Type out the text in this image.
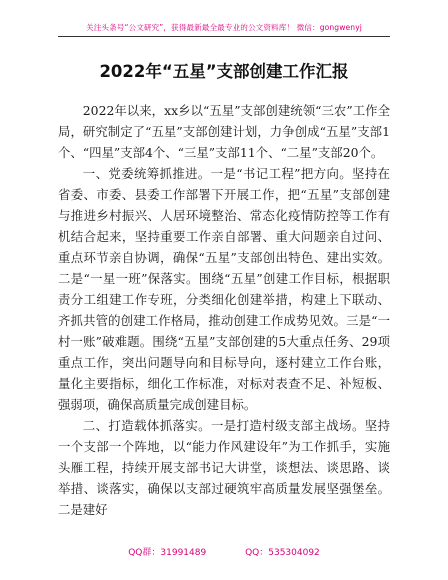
关注头条号“公文研究”，获得最新最全最专业的公文资料库！ 微信：gongwenyj
2022年“五星”支部创建工作汇报

2022年以来，xx乡以“五星”支部创建统领“三农”工作全局，研究制定了“五星”支部创建计划，力争创成“五星”支部1个、“四星”支部4个、“三星”支部11个、“二星”支部20个。

一、党委统筹抓推进。一是“书记工程”把方向。坚持在省委、市委、县委工作部署下开展工作，把“五星”支部创建与推进乡村振兴、人居环境整治、常态化疫情防控等工作有机结合起来，坚持重要工作亲自部署、重大问题亲自过问、重点环节亲自协调，确保“五星”支部创出特色、建出实效。二是“一星一班”保落实。围绕“五星”创建工作目标，根据职责分工组建工作专班，分类细化创建举措，构建上下联动、齐抓共管的创建工作格局，推动创建工作成势见效。三是“一村一账”破难题。围绕“五星”支部创建的5大重点任务、29项重点工作，突出问题导向和目标导向，逐村建立工作台账，量化主要指标，细化工作标准，对标对表查不足、补短板、强弱项，确保高质量完成创建目标。

二、打造载体抓落实。一是打造村级支部主战场。坚持一个支部一个阵地，以“能力作风建设年”为工作抓手，实施头雁工程，持续开展支部书记大讲堂，谈想法、谈思路、谈举措、谈落实，确保以支部过硬筑牢高质量发展坚强堡垒。二是建好

QQ群：31991489	QQ：535304092
